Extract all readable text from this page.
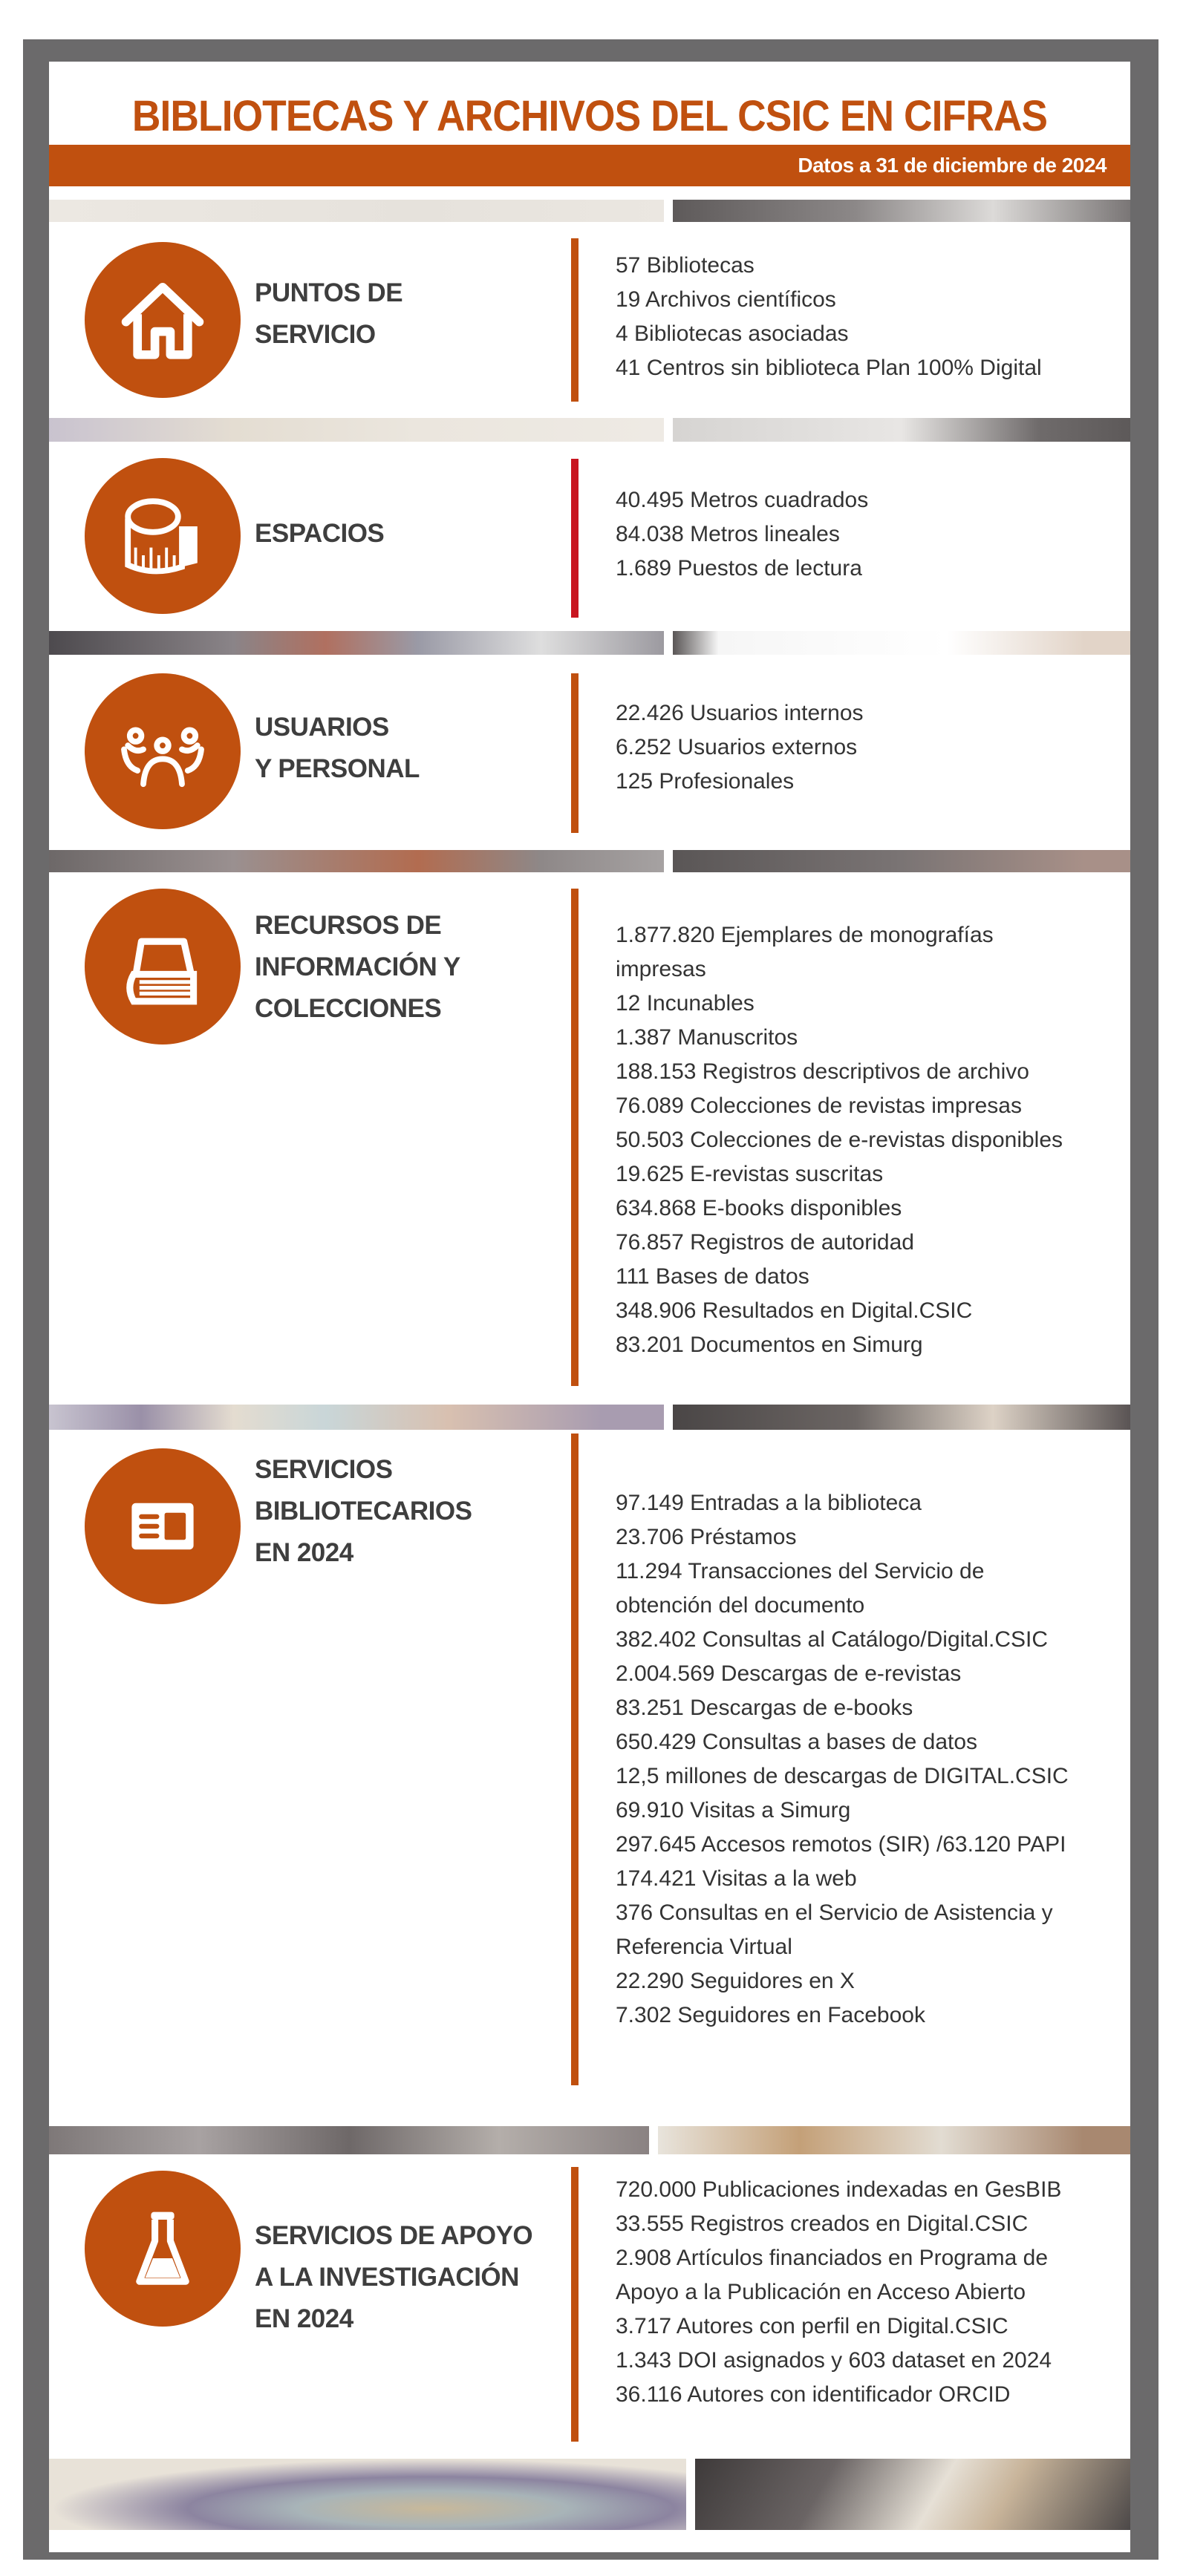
BIBLIOTECAS Y ARCHIVOS DEL CSIC EN CIFRAS
Datos a 31 de diciembre de 2024
PUNTOS DE
SERVICIO
57 Bibliotecas
19 Archivos científicos
4 Bibliotecas asociadas
41 Centros sin biblioteca Plan 100% Digital
ESPACIOS
40.495 Metros cuadrados
84.038 Metros lineales
1.689 Puestos de lectura
USUARIOS
Y PERSONAL
22.426 Usuarios internos
6.252 Usuarios externos
125 Profesionales
RECURSOS DE
INFORMACIÓN Y
COLECCIONES
1.877.820 Ejemplares de monografías impresas
12 Incunables
1.387 Manuscritos
188.153 Registros descriptivos de archivo
76.089 Colecciones de revistas impresas
50.503 Colecciones de e-revistas disponibles
19.625 E-revistas suscritas
634.868 E-books disponibles
76.857 Registros de autoridad
111 Bases de datos
348.906 Resultados en Digital.CSIC
83.201 Documentos en Simurg
SERVICIOS
BIBLIOTECARIOS
EN 2024
97.149 Entradas a la biblioteca
23.706 Préstamos
11.294 Transacciones del Servicio de obtención del documento
382.402 Consultas al Catálogo/Digital.CSIC
2.004.569 Descargas de e-revistas
83.251 Descargas de e-books
650.429 Consultas a bases de datos
12,5 millones de descargas de DIGITAL.CSIC
69.910 Visitas a Simurg
297.645 Accesos remotos (SIR) /63.120 PAPI
174.421 Visitas a la web
376 Consultas en el Servicio de Asistencia y Referencia Virtual
22.290 Seguidores en X
7.302 Seguidores en Facebook
SERVICIOS DE APOYO
A LA INVESTIGACIÓN
EN 2024
720.000 Publicaciones indexadas en GesBIB
33.555 Registros creados en Digital.CSIC
2.908 Artículos financiados en Programa de Apoyo a la Publicación en Acceso Abierto
3.717 Autores con perfil en Digital.CSIC
1.343 DOI asignados y 603 dataset en 2024
36.116 Autores con identificador ORCID
